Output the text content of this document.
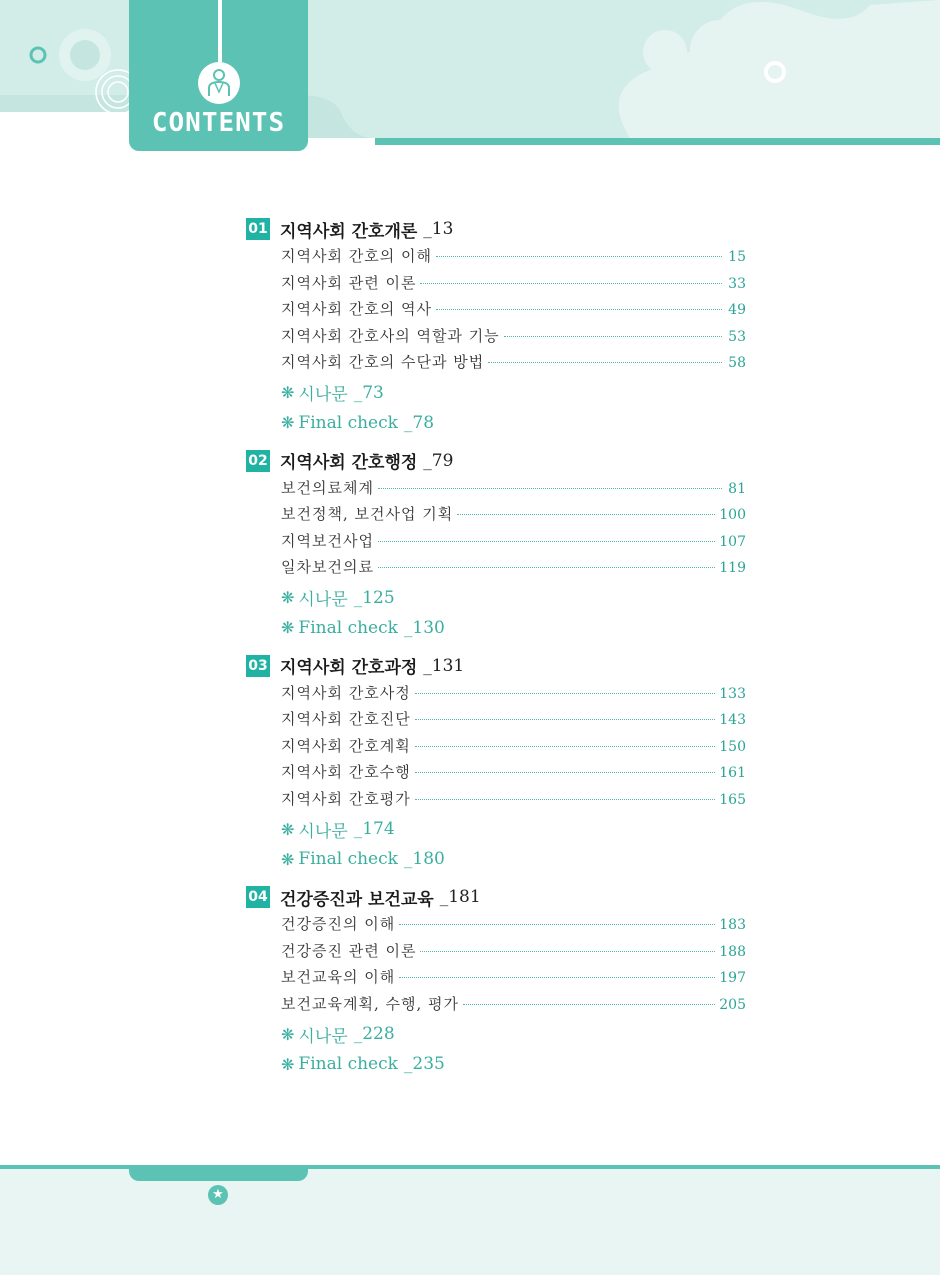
CONTENTS
01 지역사회 간호개론 _13
지역사회 간호의 이해	15
지역사회 관련 이론	33
지역사회 간호의 역사	49
지역사회 간호사의 역할과 기능	53
지역사회 간호의 수단과 방법	58
❋ 시나문 _73
❋ Final check _78
02 지역사회 간호행정 _79
보건의료체계	81
보건정책, 보건사업 기획	100
지역보건사업	107
일차보건의료	119
❋ 시나문 _125
❋ Final check _130
03 지역사회 간호과정 _131
지역사회 간호사정	133
지역사회 간호진단	143
지역사회 간호계획	150
지역사회 간호수행	161
지역사회 간호평가	165
❋ 시나문 _174
❋ Final check _180
04 건강증진과 보건교육 _181
건강증진의 이해	183
건강증진 관련 이론	188
보건교육의 이해	197
보건교육계획, 수행, 평가	205
❋ 시나문 _228
❋ Final check _235
★
